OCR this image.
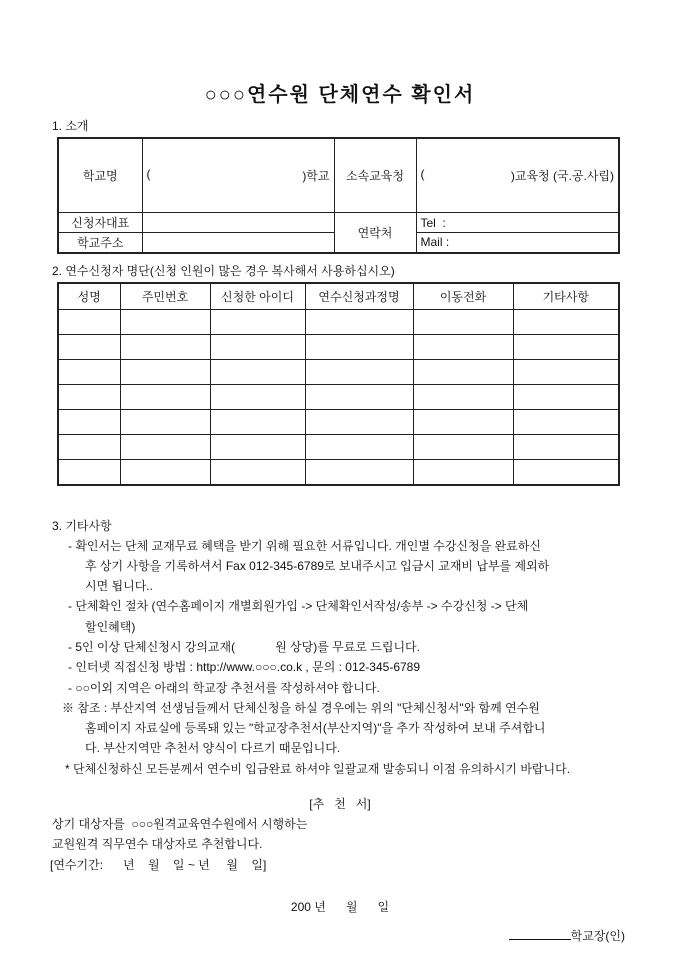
○○○연수원 단체연수 확인서
1. 소개
학교명	( )학교	소속교육청	( )교육청 (국.공.사립)

신청자대표		연락처	Tel  :
학교주소			Mail :
2. 연수신청자 명단(신청 인원이 많은 경우 복사해서 사용하십시오)
성명	주민번호	신청한 아이디	연수신청과정명	이동전화	기타사항

3. 기타사항
- 확인서는 단체 교재무료 혜택을 받기 위해 필요한 서류입니다. 개인별 수강신청을 완료하신
후 상기 사항을 기록하셔서 Fax 012-345-6789로 보내주시고 입금시 교재비 납부를 제외하
시면 됩니다..
- 단체확인 절차 (연수홈페이지 개별회원가입 -> 단체확인서작성/송부 -> 수강신청 -> 단체
할인혜택)
- 5인 이상 단체신청시 강의교재(            원 상당)를 무료로 드립니다.
- 인터넷 직접신청 방법 : http://www.○○○.co.k , 문의 : 012-345-6789
- ○○이외 지역은 아래의 학교장 추천서를 작성하셔야 합니다.
※ 참조 : 부산지역 선생님들께서 단체신청을 하실 경우에는 위의 "단체신청서"와 함께 연수원
홈페이지 자료실에 등록돼 있는 "학교장추천서(부산지역)"을 추가 작성하여 보내 주셔합니
다. 부산지역만 추천서 양식이 다르기 때문입니다.
* 단체신청하신 모든분께서 연수비 입금완료 하셔야 일괄교재 발송되니 이점 유의하시기 바랍니다.
[추   천   서]
상기 대상자를  ○○○원격교육연수원에서 시행하는
교원원격 직무연수 대상자로 추천합니다.
[연수기간:      년    월    일 ~ 년     월    일]
200 년      월      일
학교장(인)
